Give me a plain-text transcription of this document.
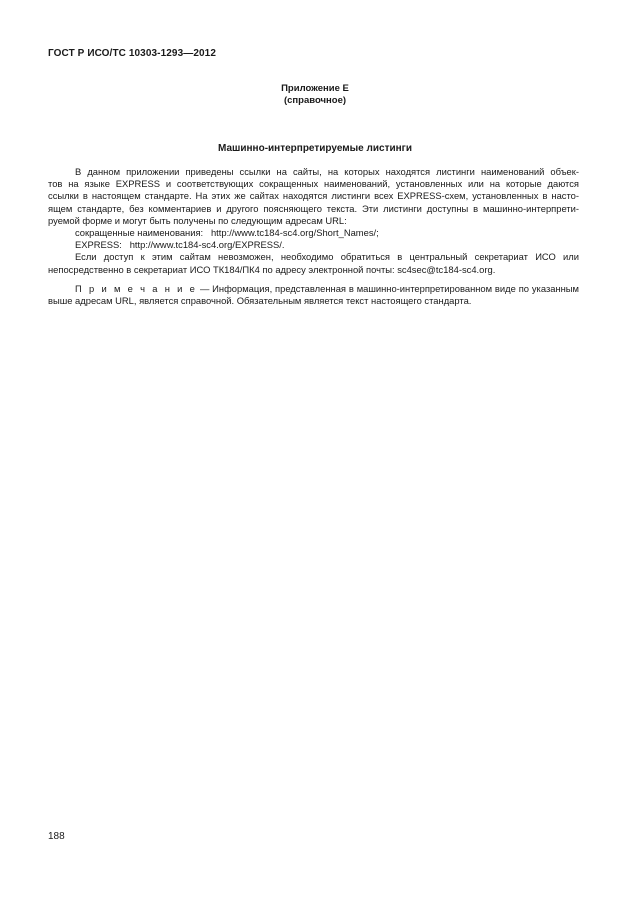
ГОСТ Р ИСО/ТС 10303-1293—2012
Приложение Е
(справочное)
Машинно-интерпретируемые листинги
В данном приложении приведены ссылки на сайты, на которых находятся листинги наименований объек-
тов на языке EXPRESS и соответствующих сокращенных наименований, установленных или на которые даются
ссылки в настоящем стандарте. На этих же сайтах находятся листинги всех EXPRESS-схем, установленных в насто-
ящем стандарте, без комментариев и другого поясняющего текста. Эти листинги доступны в машинно-интерпрети-
руемой форме и могут быть получены по следующим адресам URL:
сокращенные наименования:   http://www.tc184-sc4.org/Short_Names/;
EXPRESS:   http://www.tc184-sc4.org/EXPRESS/.
Если доступ к этим сайтам невозможен, необходимо обратиться в центральный секретариат ИСО или
непосредственно в секретариат ИСО ТК184/ПК4 по адресу электронной почты: sc4sec@tc184-sc4.org.
П р и м е ч а н и е — Информация, представленная в машинно-интерпретированном виде по указанным
выше адресам URL, является справочной. Обязательным является текст настоящего стандарта.
188
